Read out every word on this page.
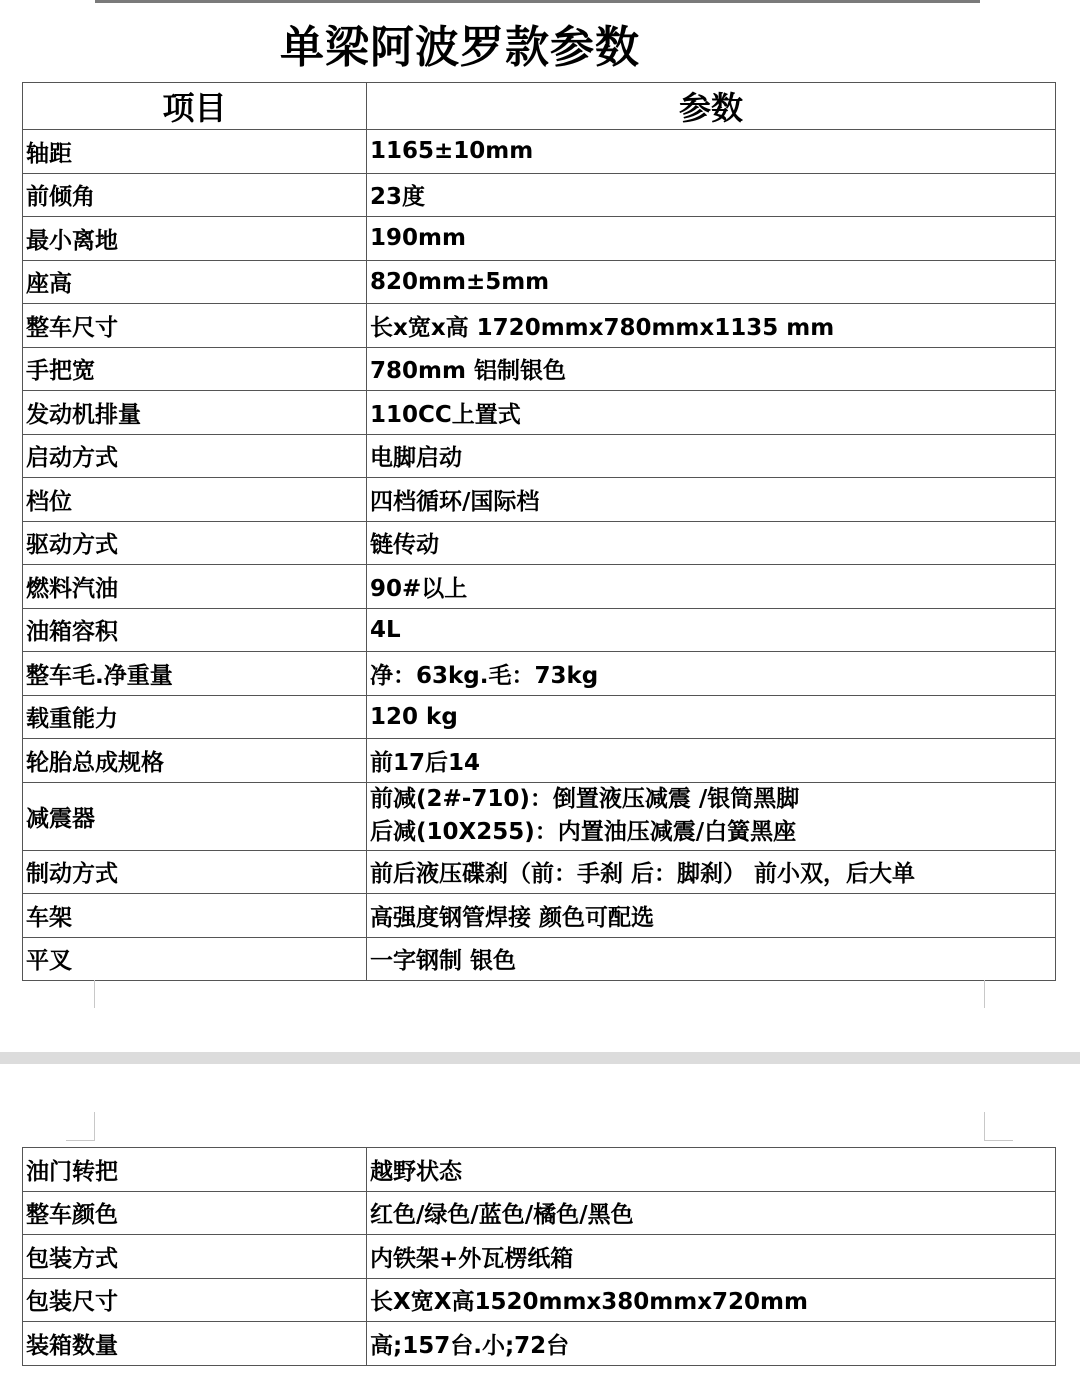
单梁阿波罗款参数
项目	参数
轴距	1165±10mm
前倾角	23度
最小离地	190mm
座高	820mm±5mm
整车尺寸	长x宽x高 1720mmx780mmx1135 mm
手把宽	780mm 铝制银色
发动机排量	110CC上置式
启动方式	电脚启动
档位	四档循环/国际档
驱动方式	链传动
燃料汽油	90#以上
油箱容积	4L
整车毛.净重量	净：63kg.毛：73kg
载重能力	120 kg
轮胎总成规格	前17后14
减震器	前减(2#-710)：倒置液压减震 /银筒黑脚
后减(10X255)：内置油压减震/白簧黑座

制动方式	前后液压碟刹（前：手刹 后：脚刹） 前小双，后大单
车架	高强度钢管焊接 颜色可配选
平叉	一字钢制 银色
油门转把	越野状态
整车颜色	红色/绿色/蓝色/橘色/黑色
包装方式	内铁架+外瓦楞纸箱
包装尺寸	长X宽X高1520mmx380mmx720mm
装箱数量	高;157台.小;72台
